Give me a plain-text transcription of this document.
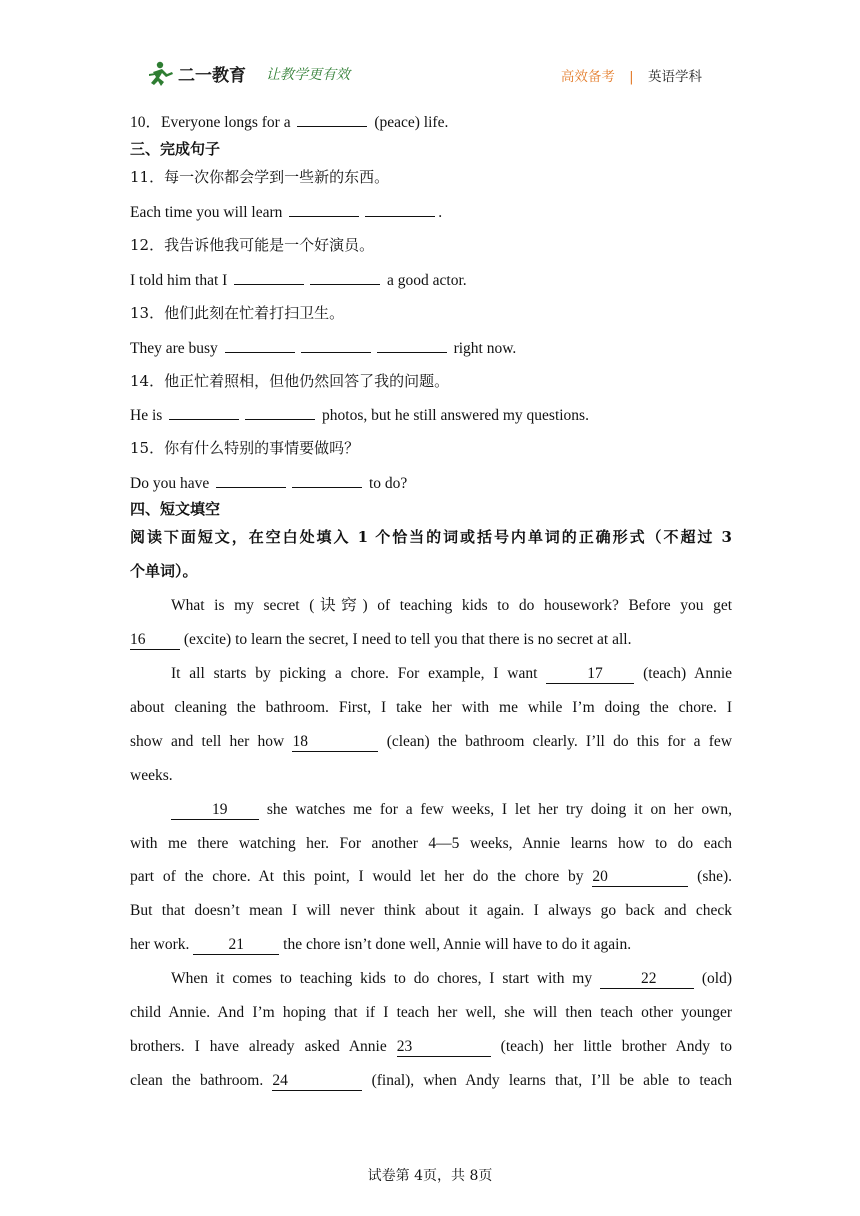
二一教育 让教学更有效	高效备考 | 英语学科
10．Everyone longs for a	(peace) life.
三、完成句子
11．每一次你都会学到一些新的东西。
Each time you will learn	.
12．我告诉他我可能是一个好演员。
I told him that I	a good actor.
13．他们此刻在忙着打扫卫生。
They are busy	right now.
14．他正忙着照相，但他仍然回答了我的问题。
He is	photos, but he still answered my questions.
15．你有什么特别的事情要做吗？
Do you have	to do?
四、短文填空
阅读下面短文，在空白处填入 1 个恰当的词或括号内单词的正确形式（不超过 3
个单词）。
What is my secret (诀窍) of teaching kids to do housework? Before you get
16 (excite) to learn the secret, I need to tell you that there is no secret at all.
It all starts by picking a chore. For example, I want	17	(teach) Annie
about cleaning the bathroom. First, I take her with me while I’m doing the chore. I
show and tell her how 18	(clean) the bathroom clearly. I’ll do this for a few
weeks.
19	she watches me for a few weeks, I let her try doing it on her own,
with me there watching her. For another 4—5 weeks, Annie learns how to do each
part of the chore. At this point, I would let her do the chore by 20	(she).
But that doesn’t mean I will never think about it again. I always go back and check
her work.	21	the chore isn’t done well, Annie will have to do it again.
When it comes to teaching kids to do chores, I start with my	22	(old)
child Annie. And I’m hoping that if I teach her well, she will then teach other younger
brothers. I have already asked Annie 23	(teach) her little brother Andy to
clean the bathroom. 24	(final), when Andy learns that, I’ll be able to teach
试卷第 4页，共 8页
